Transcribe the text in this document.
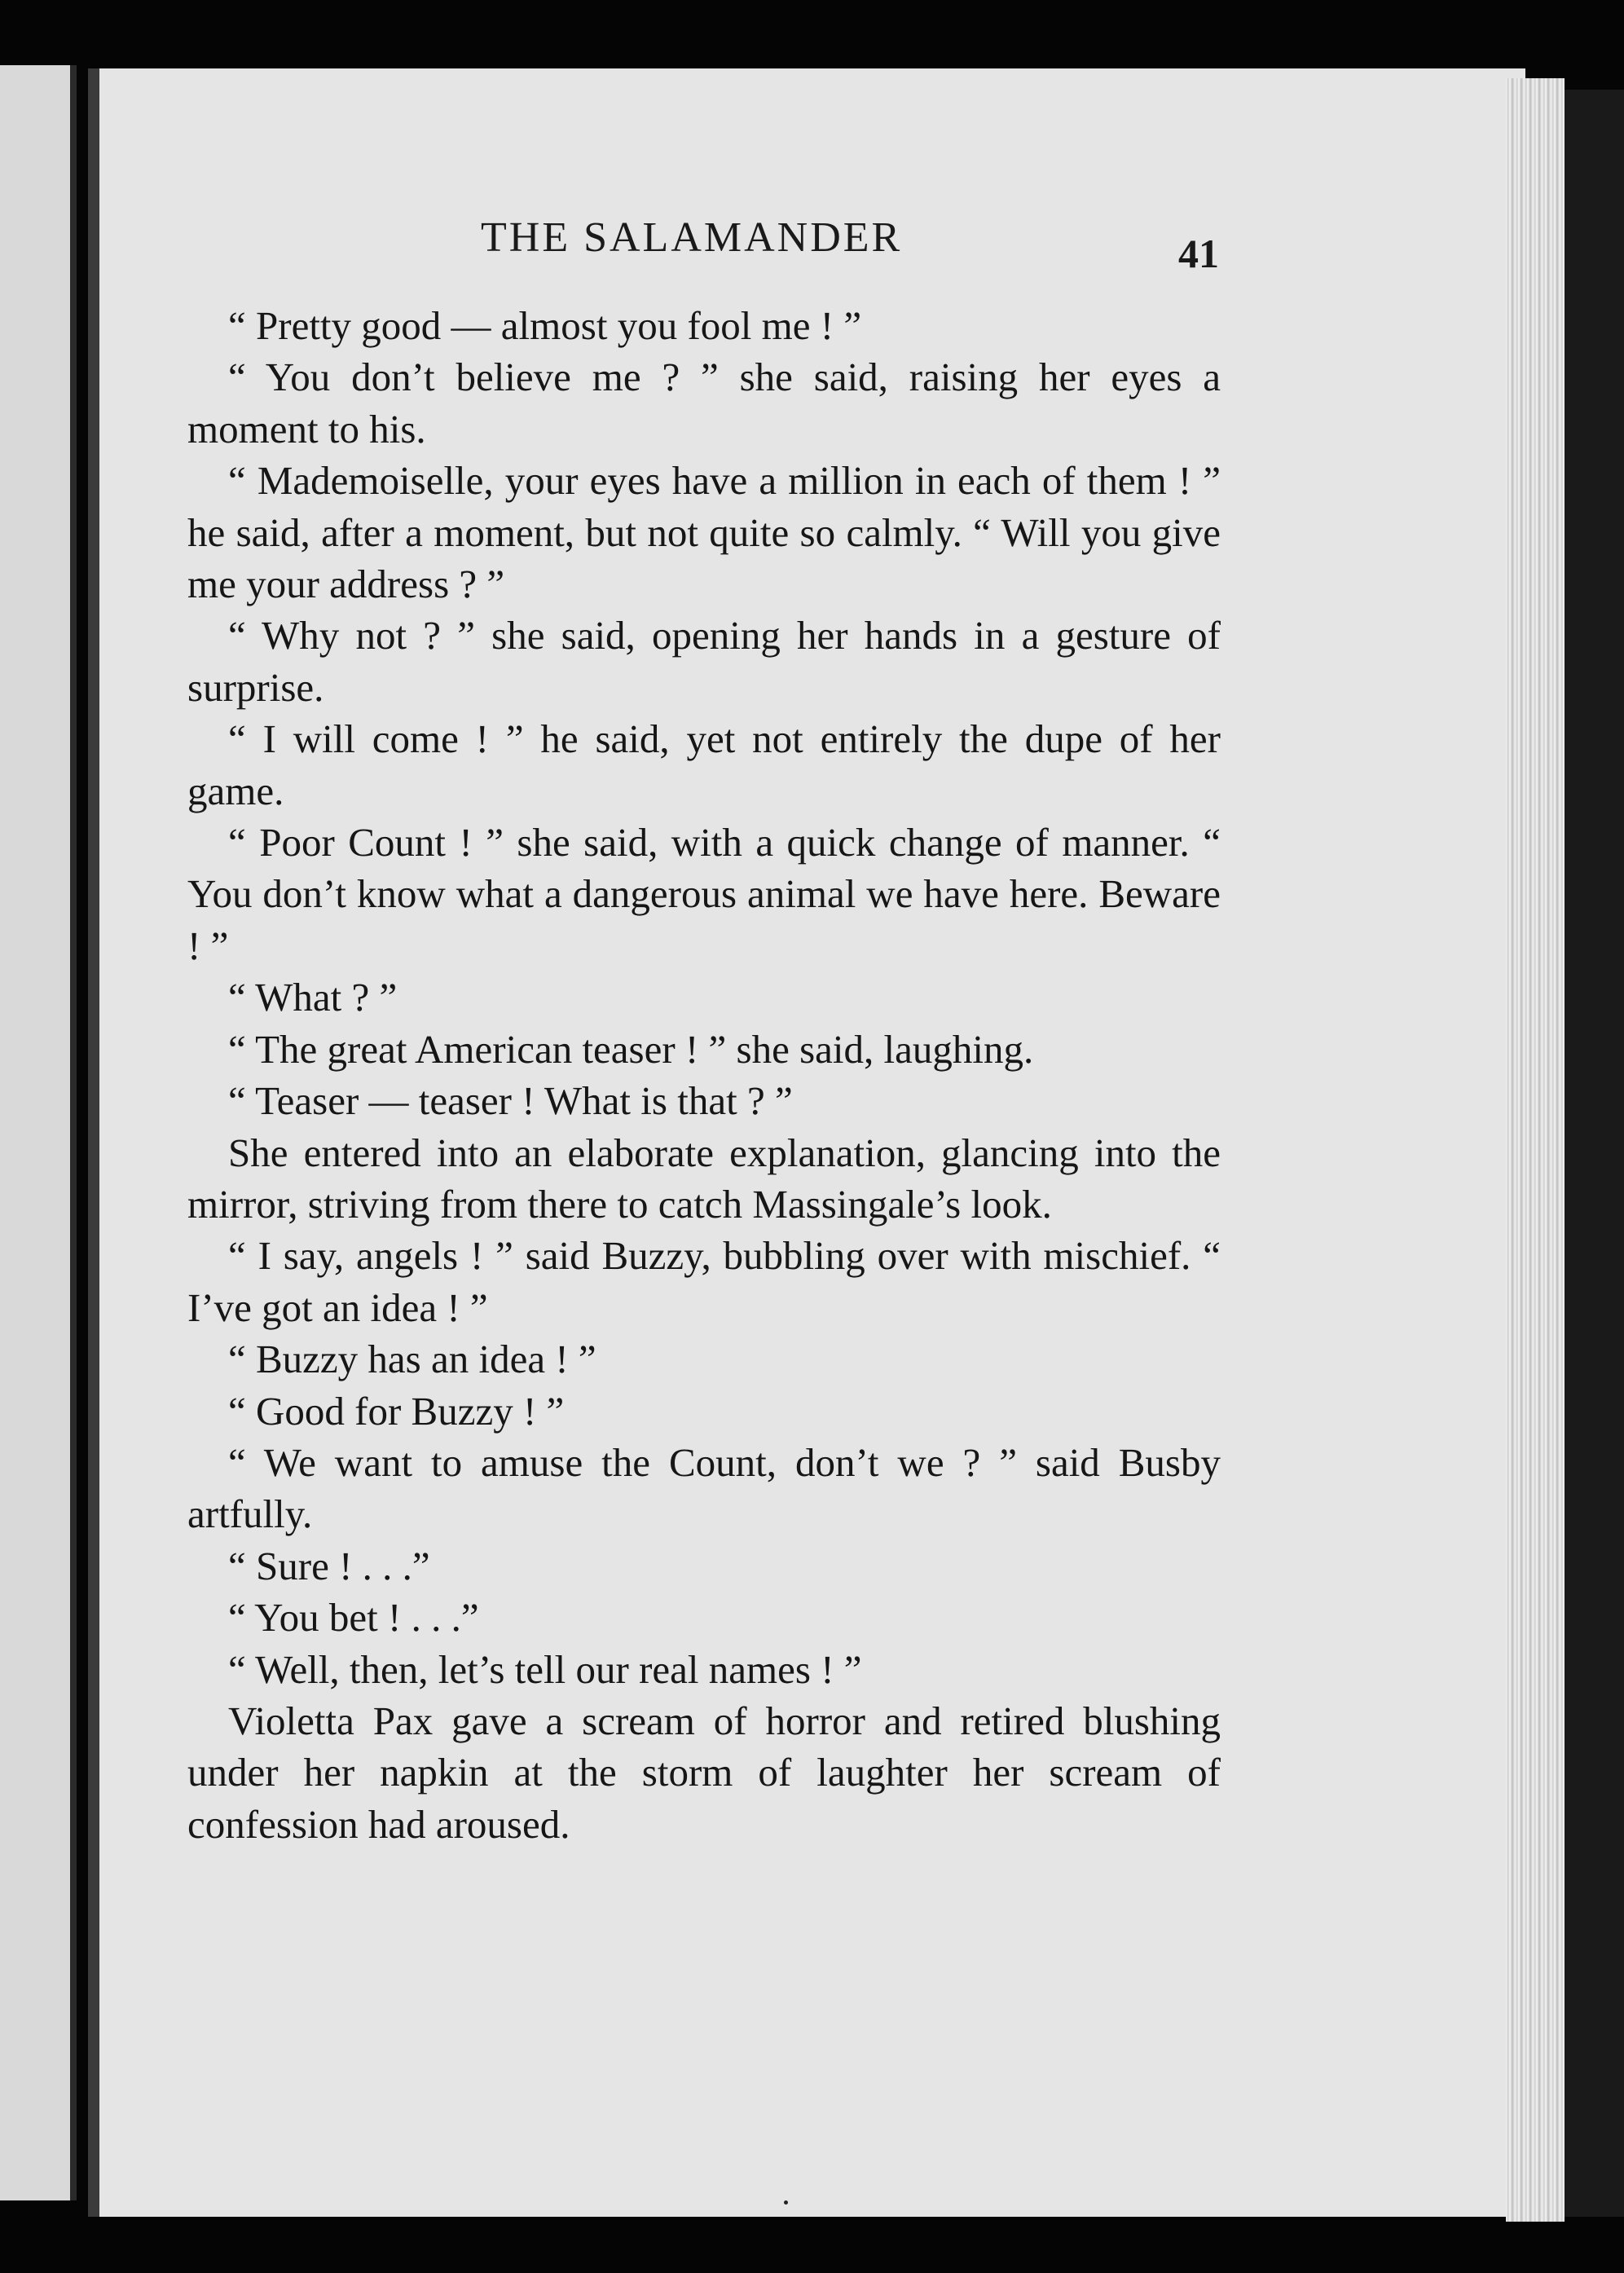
THE SALAMANDER	41

“ Pretty good — almost you fool me ! ”

“ You don’t believe me ? ” she said, raising her eyes a moment to his.

“ Mademoiselle, your eyes have a million in each of them ! ” he said, after a moment, but not quite so calmly. “ Will you give me your address ? ”

“ Why not ? ” she said, opening her hands in a gesture of surprise.

“ I will come ! ” he said, yet not entirely the dupe of her game.

“ Poor Count ! ” she said, with a quick change of manner. “ You don’t know what a dangerous animal we have here. Beware ! ”

“ What ? ”

“ The great American teaser ! ” she said, laughing.

“ Teaser — teaser ! What is that ? ”

She entered into an elaborate explanation, glancing into the mirror, striving from there to catch Massingale’s look.

“ I say, angels ! ” said Buzzy, bubbling over with mischief. “ I’ve got an idea ! ”

“ Buzzy has an idea ! ”

“ Good for Buzzy ! ”

“ We want to amuse the Count, don’t we ? ” said Busby artfully.

“ Sure ! . . .”

“ You bet ! . . .”

“ Well, then, let’s tell our real names ! ”

Violetta Pax gave a scream of horror and retired blushing under her napkin at the storm of laughter her scream of confession had aroused.
